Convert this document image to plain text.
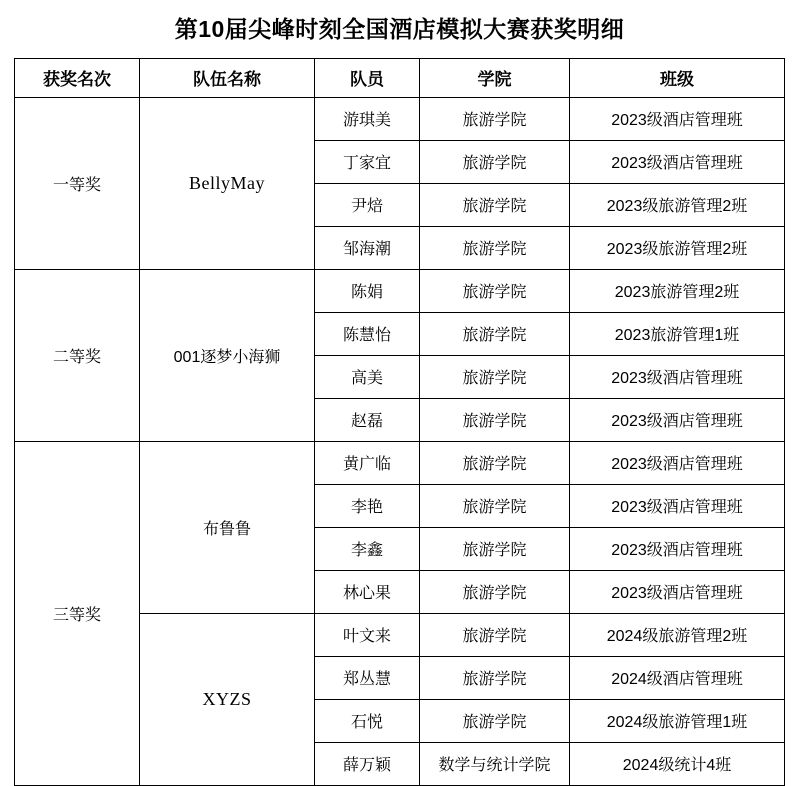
第10届尖峰时刻全国酒店模拟大赛获奖明细
获奖名次	队伍名称	队员	学院	班级
一等奖	BellyMay	游琪美	旅游学院	2023级酒店管理班
		丁家宜	旅游学院	2023级酒店管理班
		尹焙	旅游学院	2023级旅游管理2班
		邹海潮	旅游学院	2023级旅游管理2班
二等奖	001逐梦小海狮	陈娟	旅游学院	2023旅游管理2班
		陈慧怡	旅游学院	2023旅游管理1班
		高美	旅游学院	2023级酒店管理班
		赵磊	旅游学院	2023级酒店管理班
三等奖	布鲁鲁	黄广临	旅游学院	2023级酒店管理班
		李艳	旅游学院	2023级酒店管理班
		李鑫	旅游学院	2023级酒店管理班
		林心果	旅游学院	2023级酒店管理班
	XYZS	叶文来	旅游学院	2024级旅游管理2班
		郑丛慧	旅游学院	2024级酒店管理班
		石悦	旅游学院	2024级旅游管理1班
		薛万颖	数学与统计学院	2024级统计4班
